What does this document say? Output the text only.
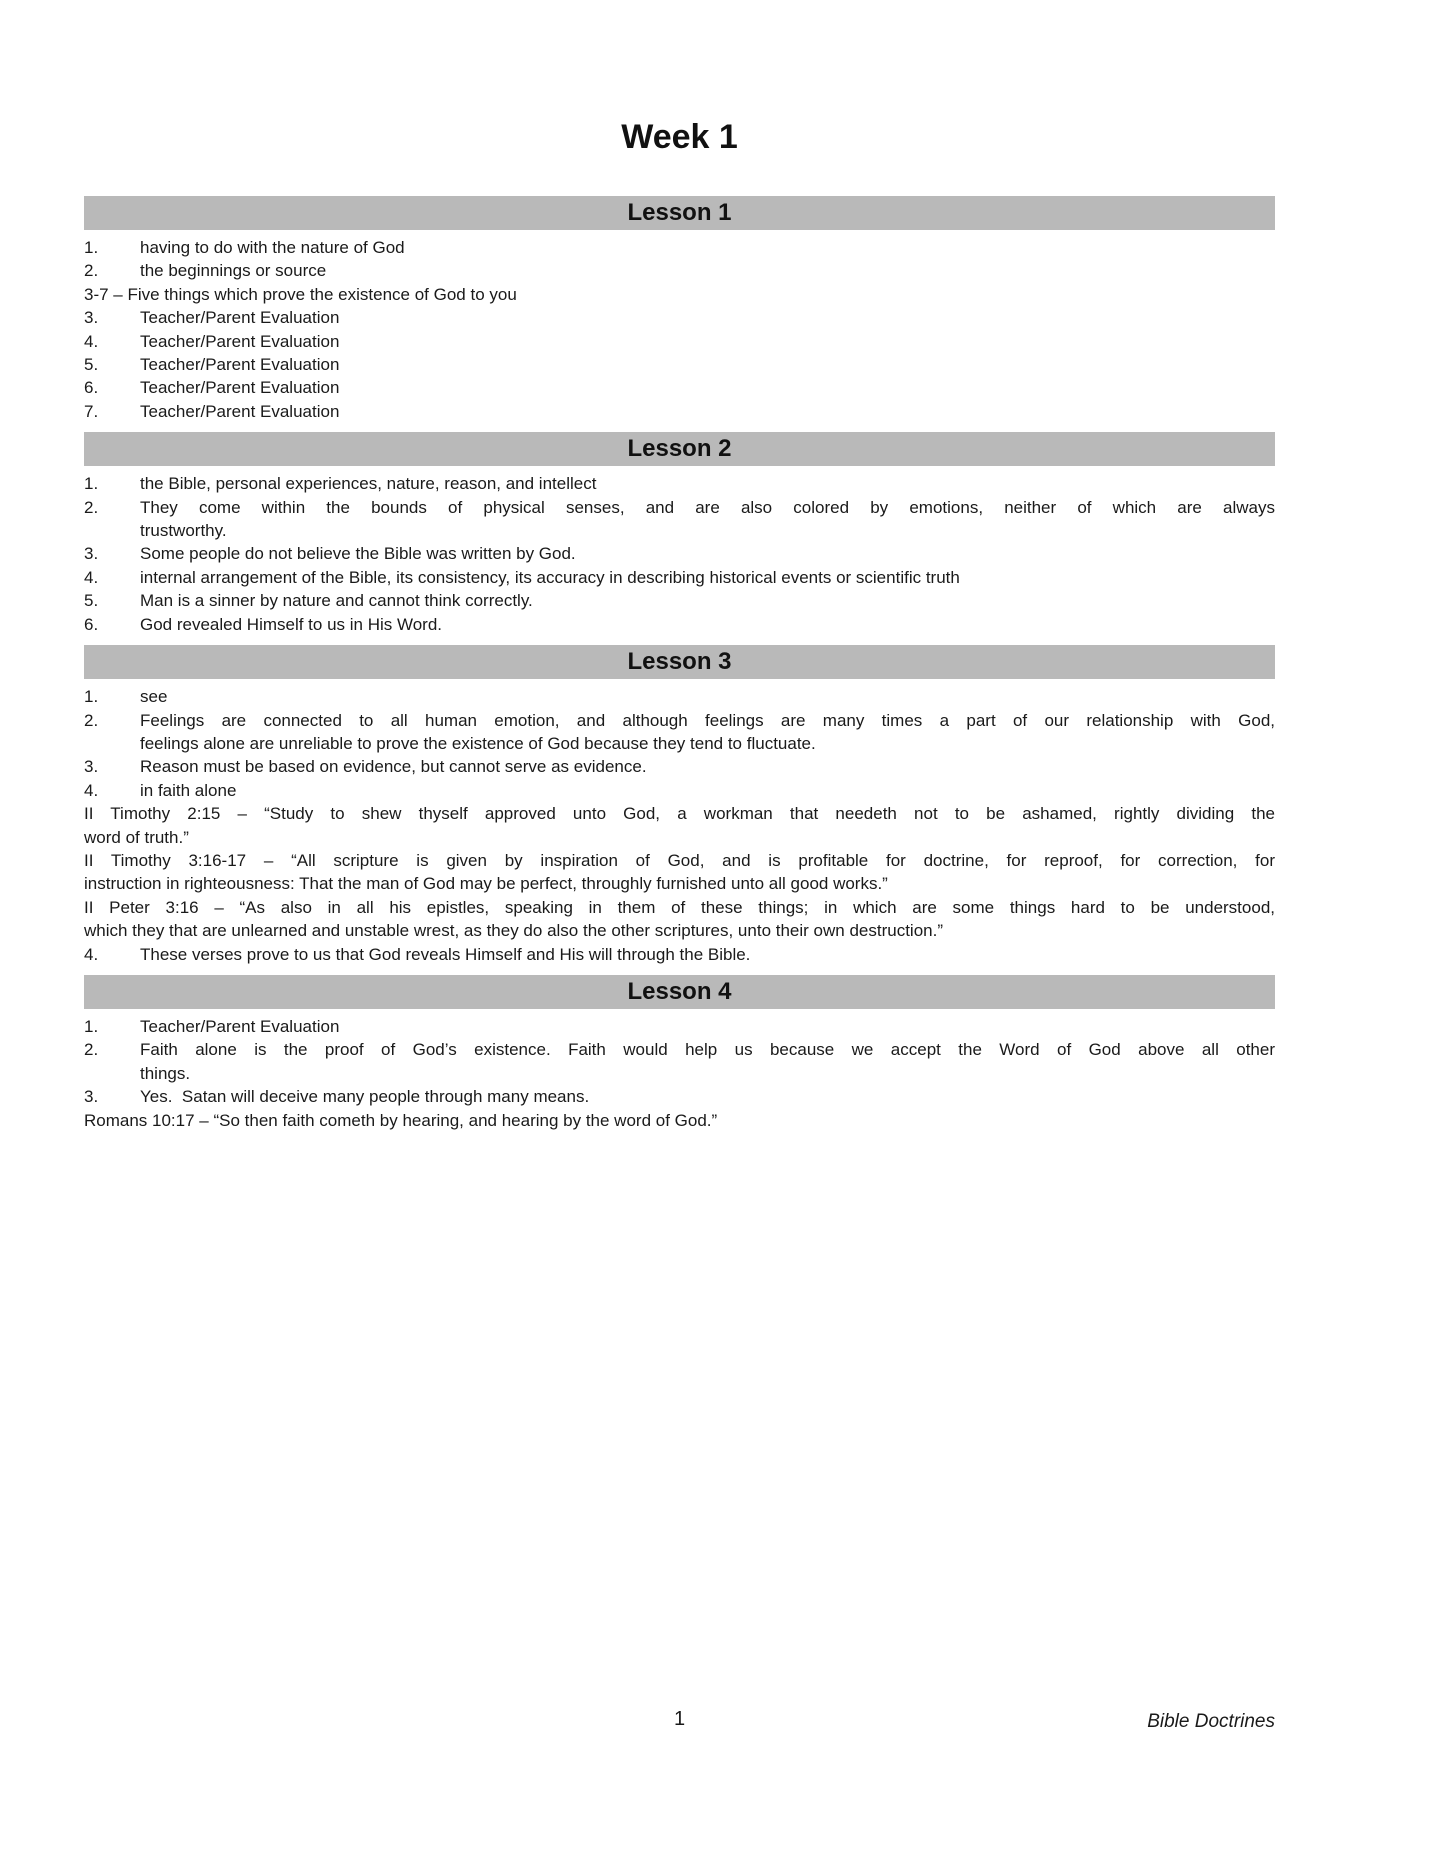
Week 1
Lesson 1
1.	having to do with the nature of God
2.	the beginnings or source
3-7 – Five things which prove the existence of God to you
3.	Teacher/Parent Evaluation
4.	Teacher/Parent Evaluation
5.	Teacher/Parent Evaluation
6.	Teacher/Parent Evaluation
7.	Teacher/Parent Evaluation
Lesson 2
1.	the Bible, personal experiences, nature, reason, and intellect
2.	They come within the bounds of physical senses, and are also colored by emotions, neither of which are always
trustworthy.
3.	Some people do not believe the Bible was written by God.
4.	internal arrangement of the Bible, its consistency, its accuracy in describing historical events or scientific truth
5.	Man is a sinner by nature and cannot think correctly.
6.	God revealed Himself to us in His Word.
Lesson 3
1.	see
2.	Feelings are connected to all human emotion, and although feelings are many times a part of our relationship with God,
feelings alone are unreliable to prove the existence of God because they tend to fluctuate.
3.	Reason must be based on evidence, but cannot serve as evidence.
4.	in faith alone
II Timothy 2:15 – “Study to shew thyself approved unto God, a workman that needeth not to be ashamed, rightly dividing the
word of truth.”
II Timothy 3:16-17 – “All scripture is given by inspiration of God, and is profitable for doctrine, for reproof, for correction, for
instruction in righteousness: That the man of God may be perfect, throughly furnished unto all good works.”
II Peter 3:16 – “As also in all his epistles, speaking in them of these things; in which are some things hard to be understood,
which they that are unlearned and unstable wrest, as they do also the other scriptures, unto their own destruction.”
4.	These verses prove to us that God reveals Himself and His will through the Bible.
Lesson 4
1.	Teacher/Parent Evaluation
2.	Faith alone is the proof of God’s existence. Faith would help us because we accept the Word of God above all other
things.
3.	Yes.  Satan will deceive many people through many means.
Romans 10:17 – “So then faith cometh by hearing, and hearing by the word of God.”
1	Bible Doctrines
